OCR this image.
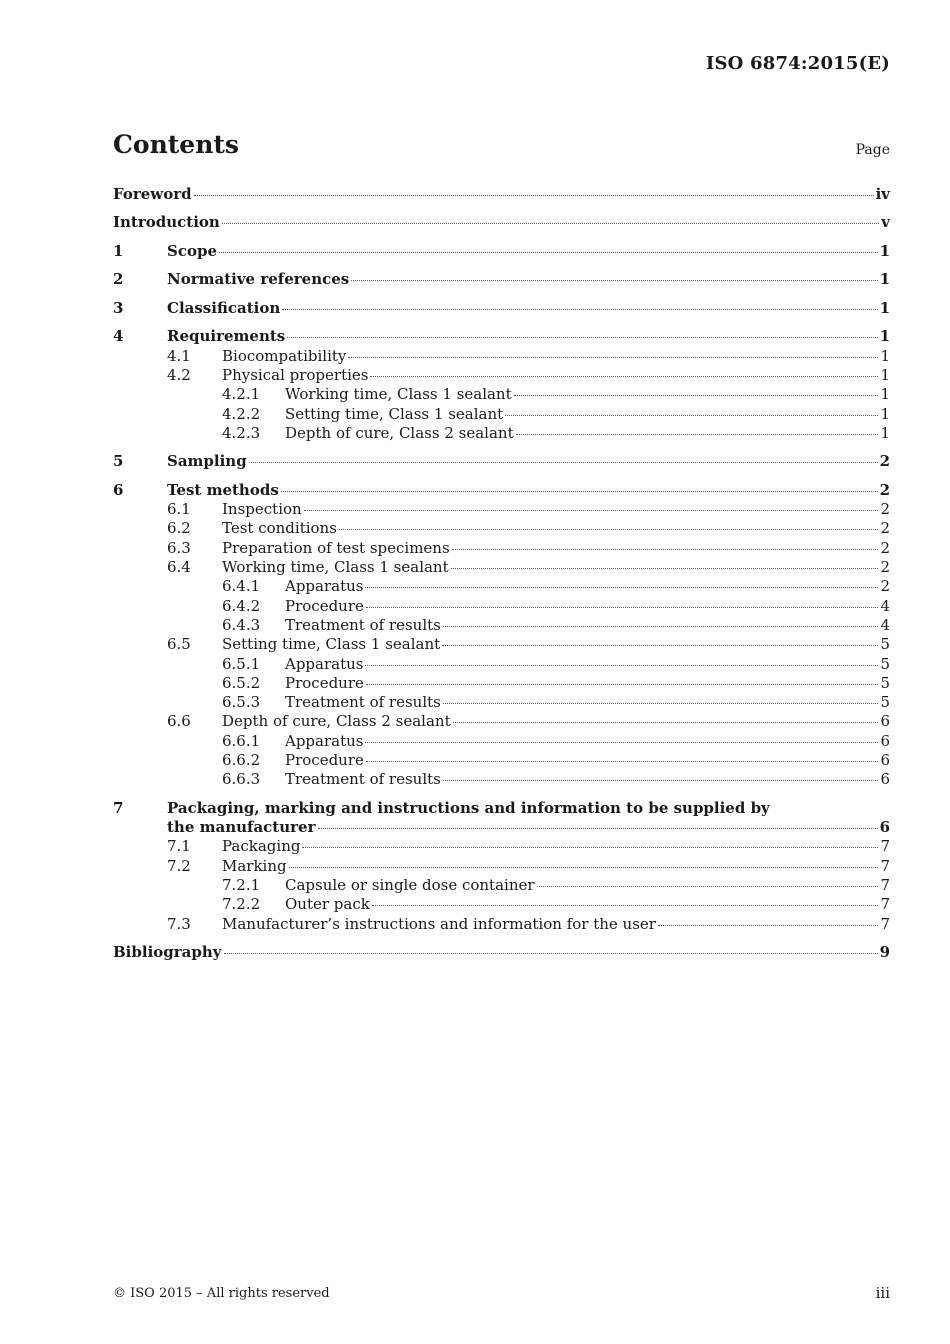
ISO 6874:2015(E)
Contents	Page
Foreword	iv
Introduction	v
1	Scope	1
2	Normative references	1
3	Classification	1
4	Requirements	1
4.1 Biocompatibility	1
4.2 Physical properties	1
4.2.1 Working time, Class 1 sealant	1
4.2.2 Setting time, Class 1 sealant	1
4.2.3 Depth of cure, Class 2 sealant	1
5	Sampling	2
6	Test methods	2
6.1 Inspection	2
6.2 Test conditions	2
6.3 Preparation of test specimens	2
6.4 Working time, Class 1 sealant	2
6.4.1 Apparatus	2
6.4.2 Procedure	4
6.4.3 Treatment of results	4
6.5 Setting time, Class 1 sealant	5
6.5.1 Apparatus	5
6.5.2 Procedure	5
6.5.3 Treatment of results	5
6.6 Depth of cure, Class 2 sealant	6
6.6.1 Apparatus	6
6.6.2 Procedure	6
6.6.3 Treatment of results	6
7	Packaging, marking and instructions and information to be supplied by
the manufacturer	6
7.1 Packaging	7
7.2 Marking	7
7.2.1 Capsule or single dose container	7
7.2.2 Outer pack	7
7.3 Manufacturer’s instructions and information for the user	7
Bibliography	9
© ISO 2015 – All rights reserved	iii
